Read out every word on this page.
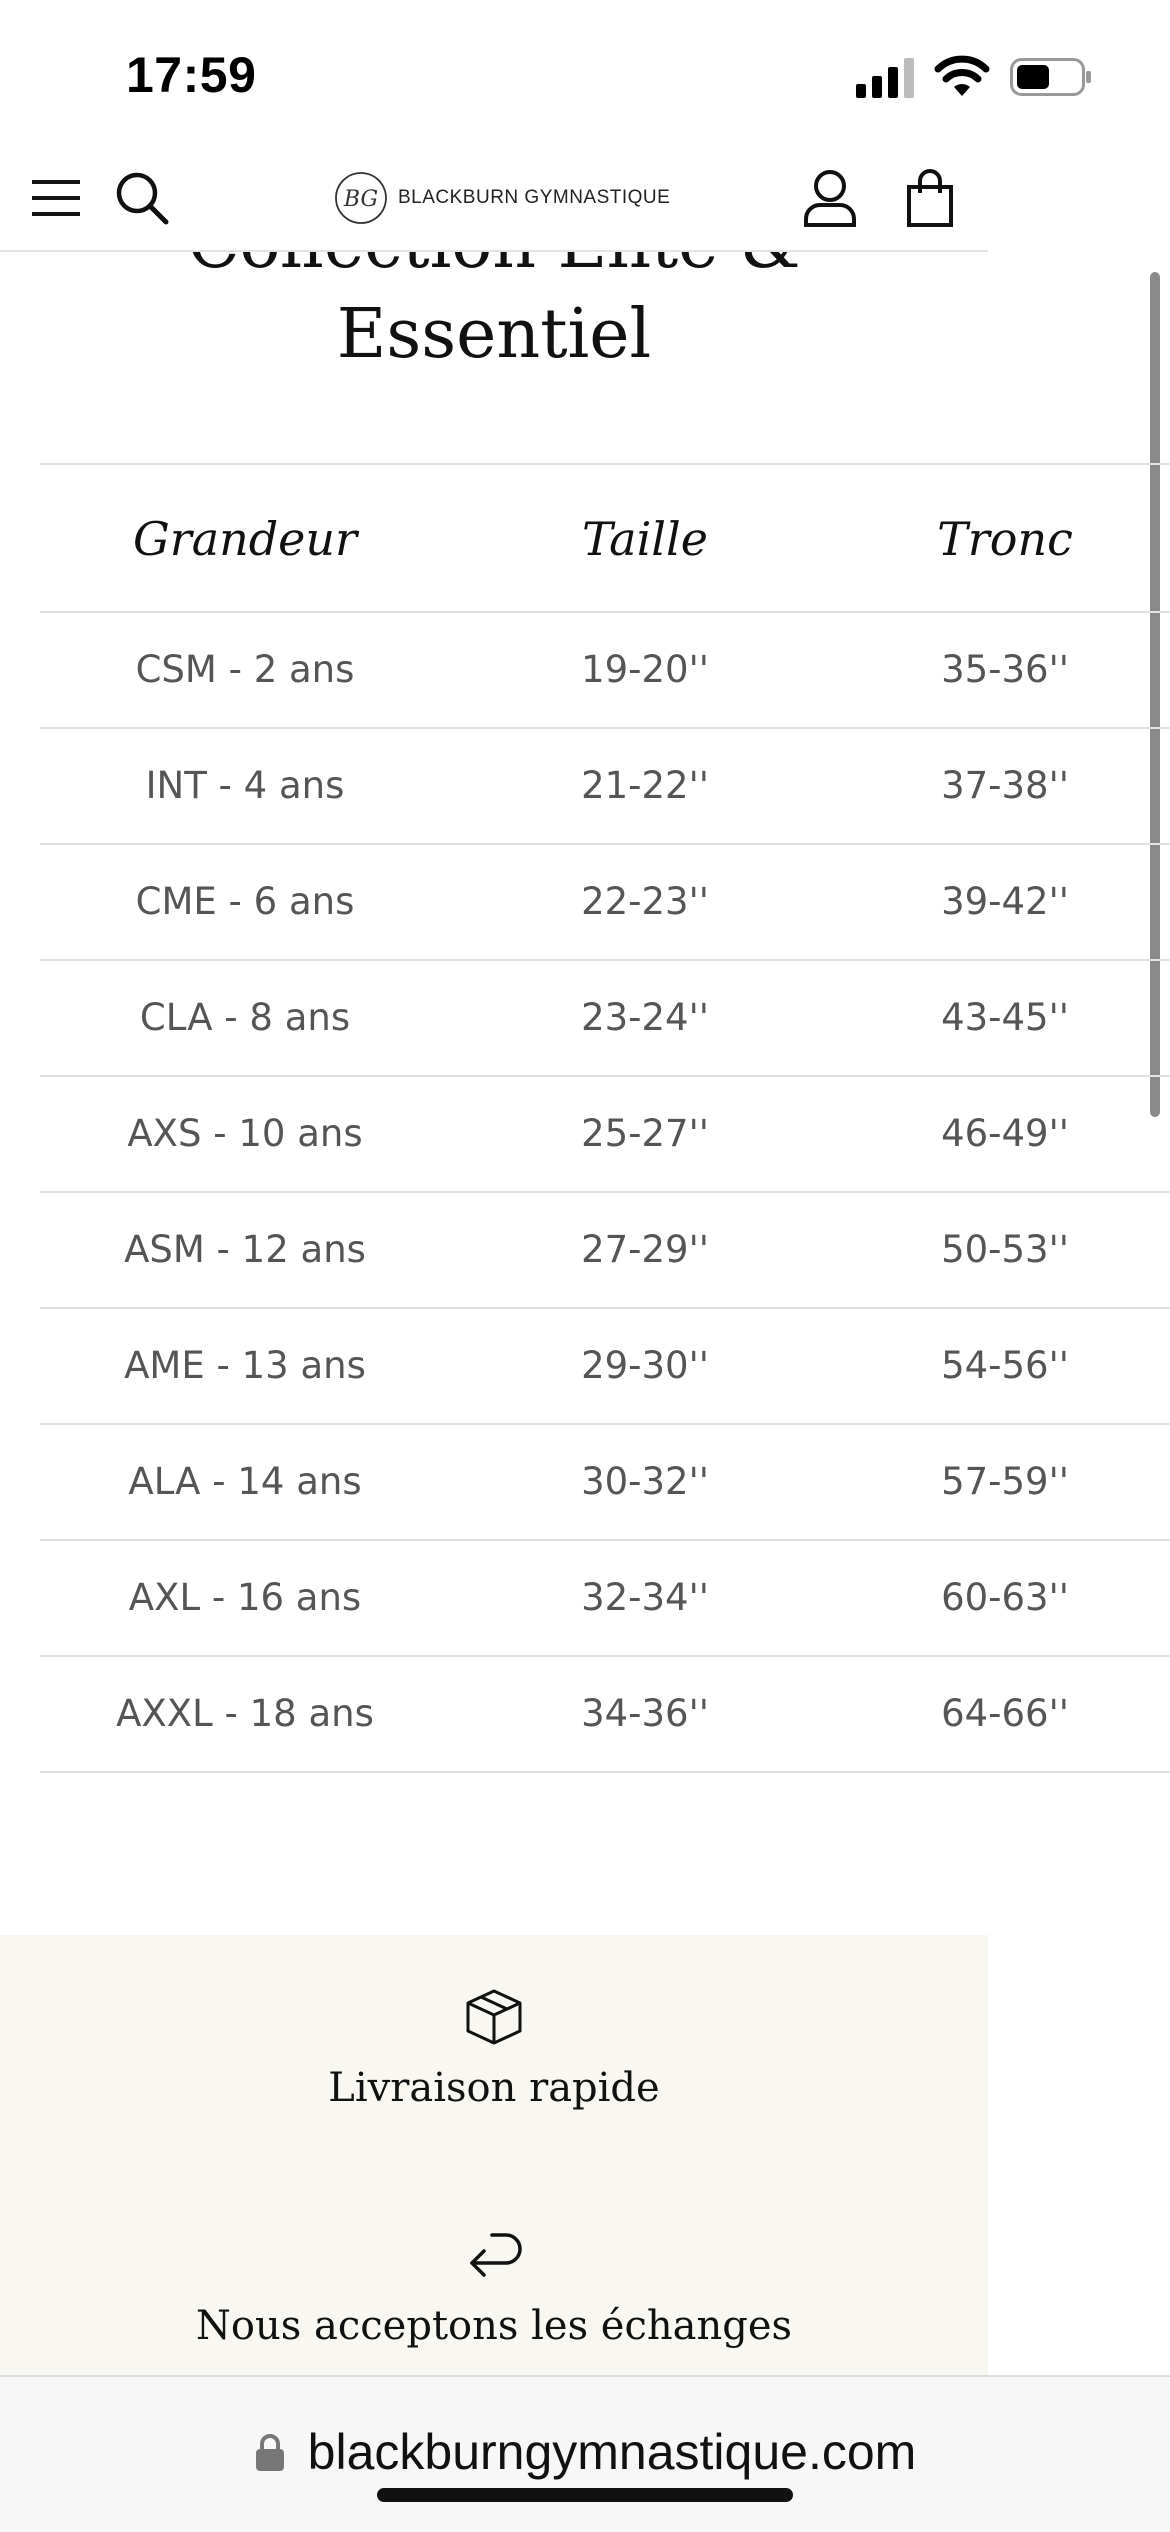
17:59
Essentiel
BG BLACKBURN GYMNASTIQUE
Grandeur	Taille	Tronc
CSM - 2 ans	19-20''	35-36''
INT - 4 ans	21-22''	37-38''
CME - 6 ans	22-23''	39-42''
CLA - 8 ans	23-24''	43-45''
AXS - 10 ans	25-27''	46-49''
ASM - 12 ans	27-29''	50-53''
AME - 13 ans	29-30''	54-56''
ALA - 14 ans	30-32''	57-59''
AXL - 16 ans	32-34''	60-63''
AXXL - 18 ans	34-36''	64-66''
Livraison rapide
Nous acceptons les échanges
blackburngymnastique.com
